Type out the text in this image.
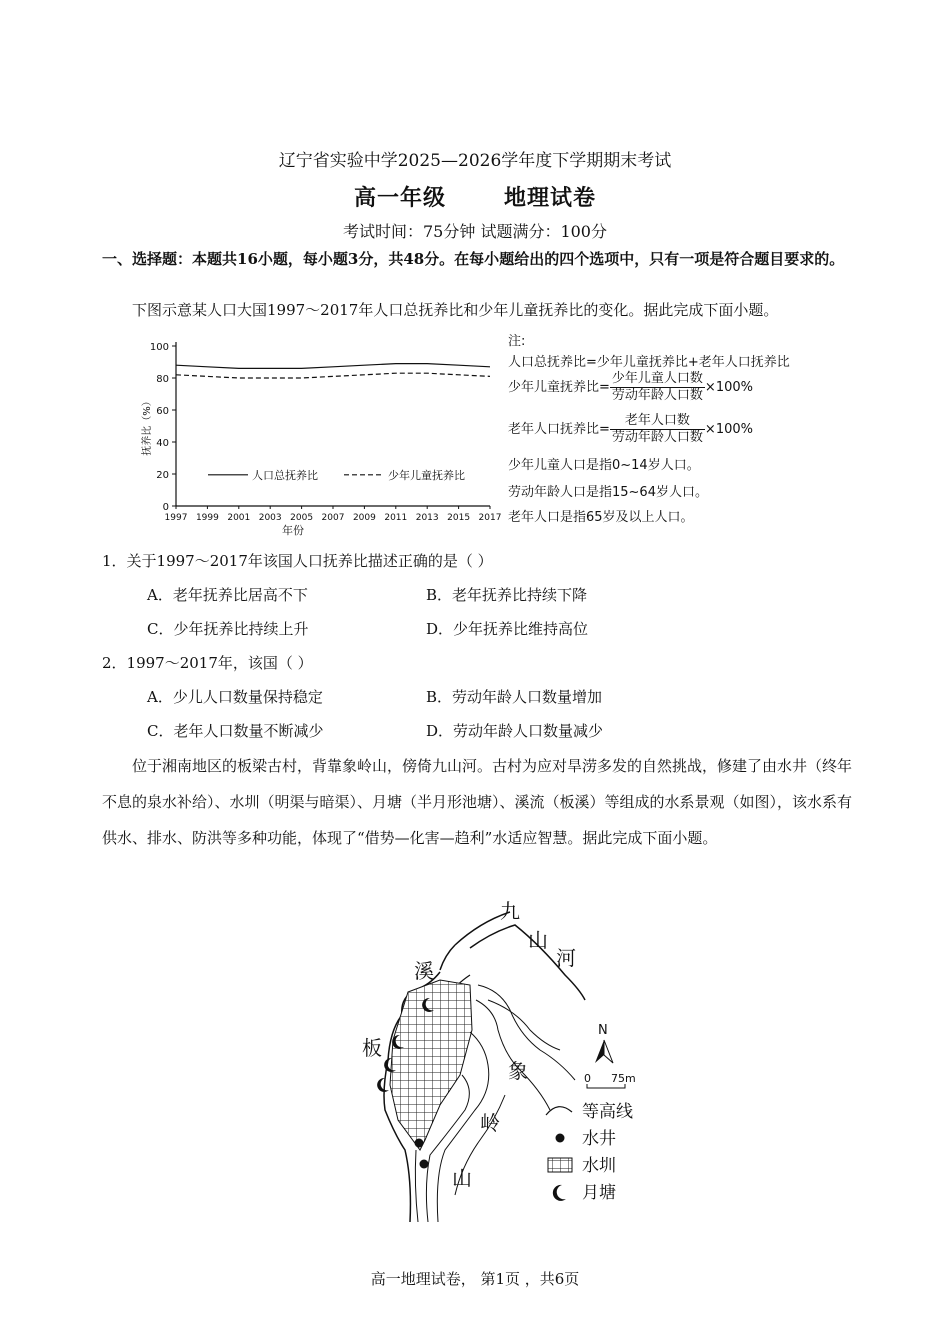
辽宁省实验中学2025—2026学年度下学期期末考试
高一年级	地理试卷
考试时间：75分钟 试题满分：100分
一、选择题：本题共16小题，每小题3分，共48分。在每小题给出的四个选项中，只有一项是符合题目要求的。
下图示意某人口大国1997～2017年人口总抚养比和少年儿童抚养比的变化。据此完成下面小题。
0
20
40
60
80
100
1997 1999 2001 2003 2005 2007 2009 2011 2013 2015 2017
年份
抚养比（%）
人口总抚养比	少年儿童抚养比
注:
人口总抚养比=少年儿童抚养比+老年人口抚养比
少年儿童抚养比= $\frac{\text{少年儿童人口数}}{\text{劳动年龄人口数}} \times 100\%$
老年人口抚养比= $\frac{\text{老年人口数}}{\text{劳动年龄人口数}} \times 100\%$
少年儿童人口是指0~14岁人口。
劳动年龄人口是指15~64岁人口。
老年人口是指65岁及以上人口。
1．关于1997～2017年该国人口抚养比描述正确的是（ ）
A．老年抚养比居高不下	B．老年抚养比持续下降
C．少年抚养比持续上升	D．少年抚养比维持高位
2．1997～2017年，该国（ ）
A．少儿人口数量保持稳定	B．劳动年龄人口数量增加
C．老年人口数量不断减少	D．劳动年龄人口数量减少
位于湘南地区的板梁古村，背靠象岭山，傍倚九山河。古村为应对旱涝多发的自然挑战，修建了由水井（终年不息的泉水补给）、水圳（明渠与暗渠）、月塘（半月形池塘）、溪流（板溪）等组成的水系景观（如图），该水系有供水、排水、防洪等多种功能，体现了“借势—化害—趋利”水适应智慧。据此完成下面小题。
九
山
河
溪
板
象
岭
山
N
0 75m
等高线
水井
水圳
月塘
高一地理试卷， 第1页 ，共6页
